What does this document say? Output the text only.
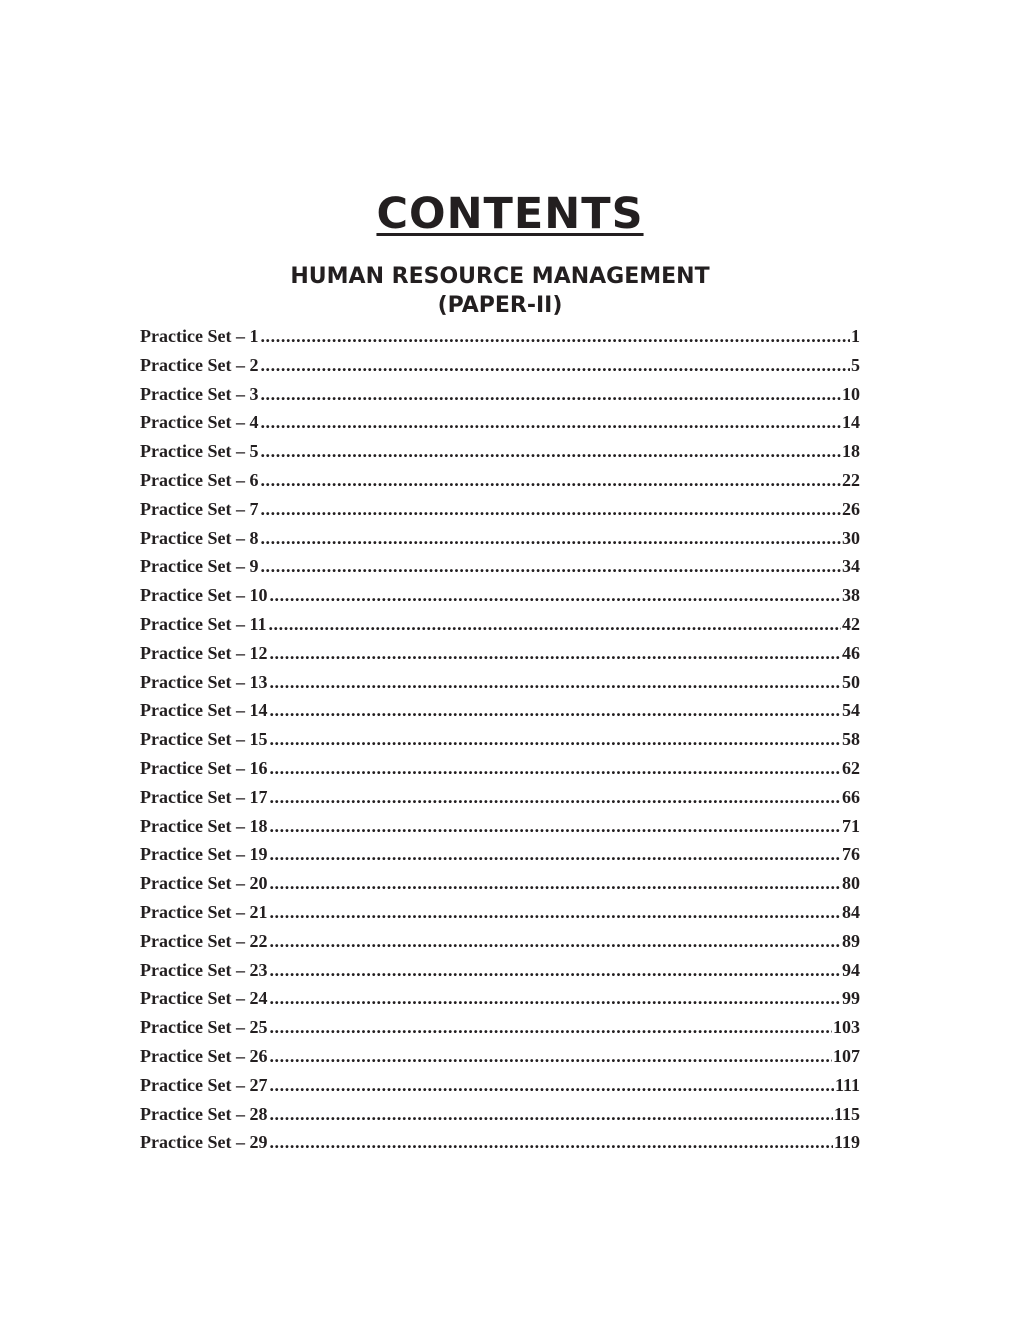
CONTENTS
HUMAN RESOURCE MANAGEMENT
(PAPER-II)
Practice Set – 1 .....	1
Practice Set – 2 .....	5
Practice Set – 3 .....	10
Practice Set – 4 .....	14
Practice Set – 5 .....	18
Practice Set – 6 .....	22
Practice Set – 7 .....	26
Practice Set – 8 .....	30
Practice Set – 9 .....	34
Practice Set – 10 .....	38
Practice Set – 11 .....	42
Practice Set – 12 .....	46
Practice Set – 13 .....	50
Practice Set – 14 .....	54
Practice Set – 15 .....	58
Practice Set – 16 .....	62
Practice Set – 17 .....	66
Practice Set – 18 .....	71
Practice Set – 19 .....	76
Practice Set – 20 .....	80
Practice Set – 21 .....	84
Practice Set – 22 .....	89
Practice Set – 23 .....	94
Practice Set – 24 .....	99
Practice Set – 25 .....	103
Practice Set – 26 .....	107
Practice Set – 27 .....	111
Practice Set – 28 .....	115
Practice Set – 29 .....	119
